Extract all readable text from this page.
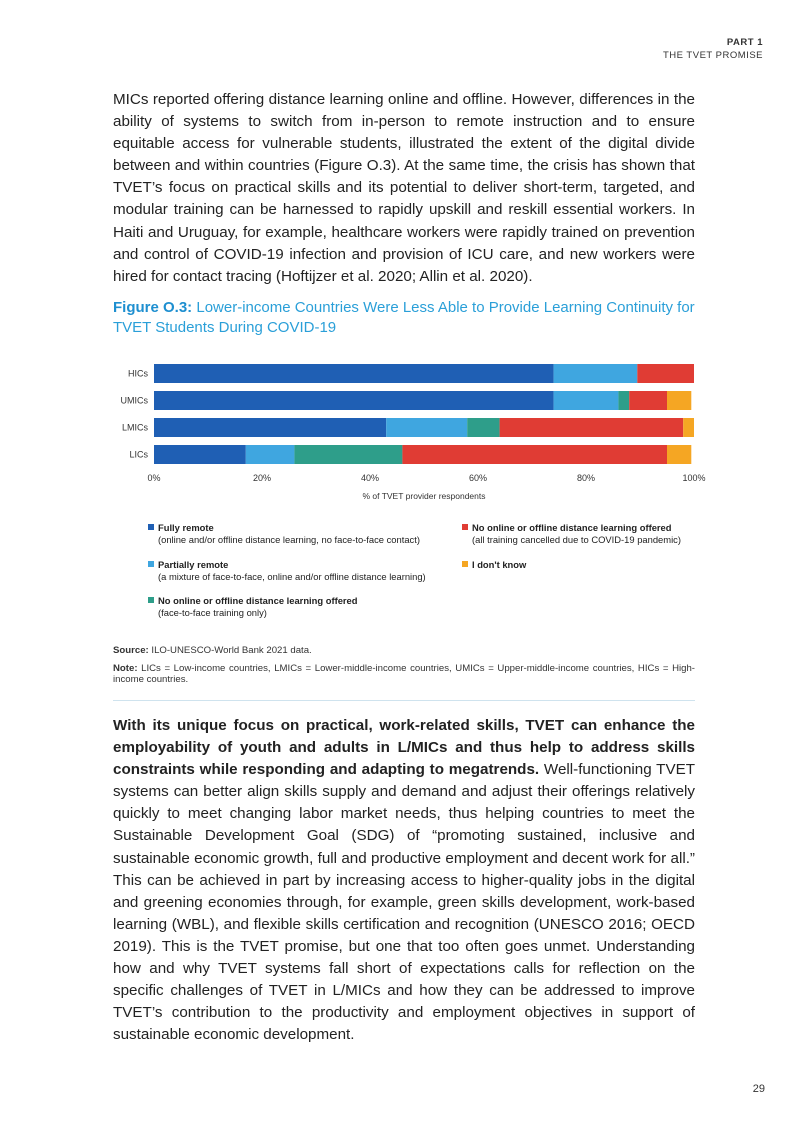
PART 1
THE TVET PROMISE
MICs reported offering distance learning online and offline. However, differences in the ability of systems to switch from in-person to remote instruction and to ensure equitable access for vulnerable students, illustrated the extent of the digital divide between and within countries (Figure O.3). At the same time, the crisis has shown that TVET’s focus on practical skills and its potential to deliver short-term, targeted, and modular training can be harnessed to rapidly upskill and reskill essential workers. In Haiti and Uruguay, for example, healthcare workers were rapidly trained on prevention and control of COVID-19 infection and provision of ICU care, and new workers were hired for contact tracing (Hoftijzer et al. 2020; Allin et al. 2020).
Figure O.3: Lower-income Countries Were Less Able to Provide Learning Continuity for TVET Students During COVID-19
HICs
UMICs
LMICs
LICs
0%	20%	40%	60%	80%	100%
% of TVET provider respondents
Fully remote
(online and/or offline distance learning, no face-to-face contact)
No online or offline distance learning offered
(all training cancelled due to COVID-19 pandemic)
Partially remote
(a mixture of face-to-face, online and/or offline distance learning)
I don't know
No online or offline distance learning offered
(face-to-face training only)
Source: ILO-UNESCO-World Bank 2021 data.
Note: LICs = Low-income countries, LMICs = Lower-middle-income countries, UMICs = Upper-middle-income countries, HICs = High-income countries.
With its unique focus on practical, work-related skills, TVET can enhance the employability of youth and adults in L/MICs and thus help to address skills constraints while responding and adapting to megatrends. Well-functioning TVET systems can better align skills supply and demand and adjust their offerings relatively quickly to meet changing labor market needs, thus helping countries to meet the Sustainable Development Goal (SDG) of “promoting sustained, inclusive and sustainable economic growth, full and productive employment and decent work for all.” This can be achieved in part by increasing access to higher-quality jobs in the digital and greening economies through, for example, green skills development, work-based learning (WBL), and flexible skills certification and recognition (UNESCO 2016; OECD 2019). This is the TVET promise, but one that too often goes unmet. Understanding how and why TVET systems fall short of expectations calls for reflection on the specific challenges of TVET in L/MICs and how they can be addressed to improve TVET’s contribution to the productivity and employment objectives in support of sustainable economic development.
29
